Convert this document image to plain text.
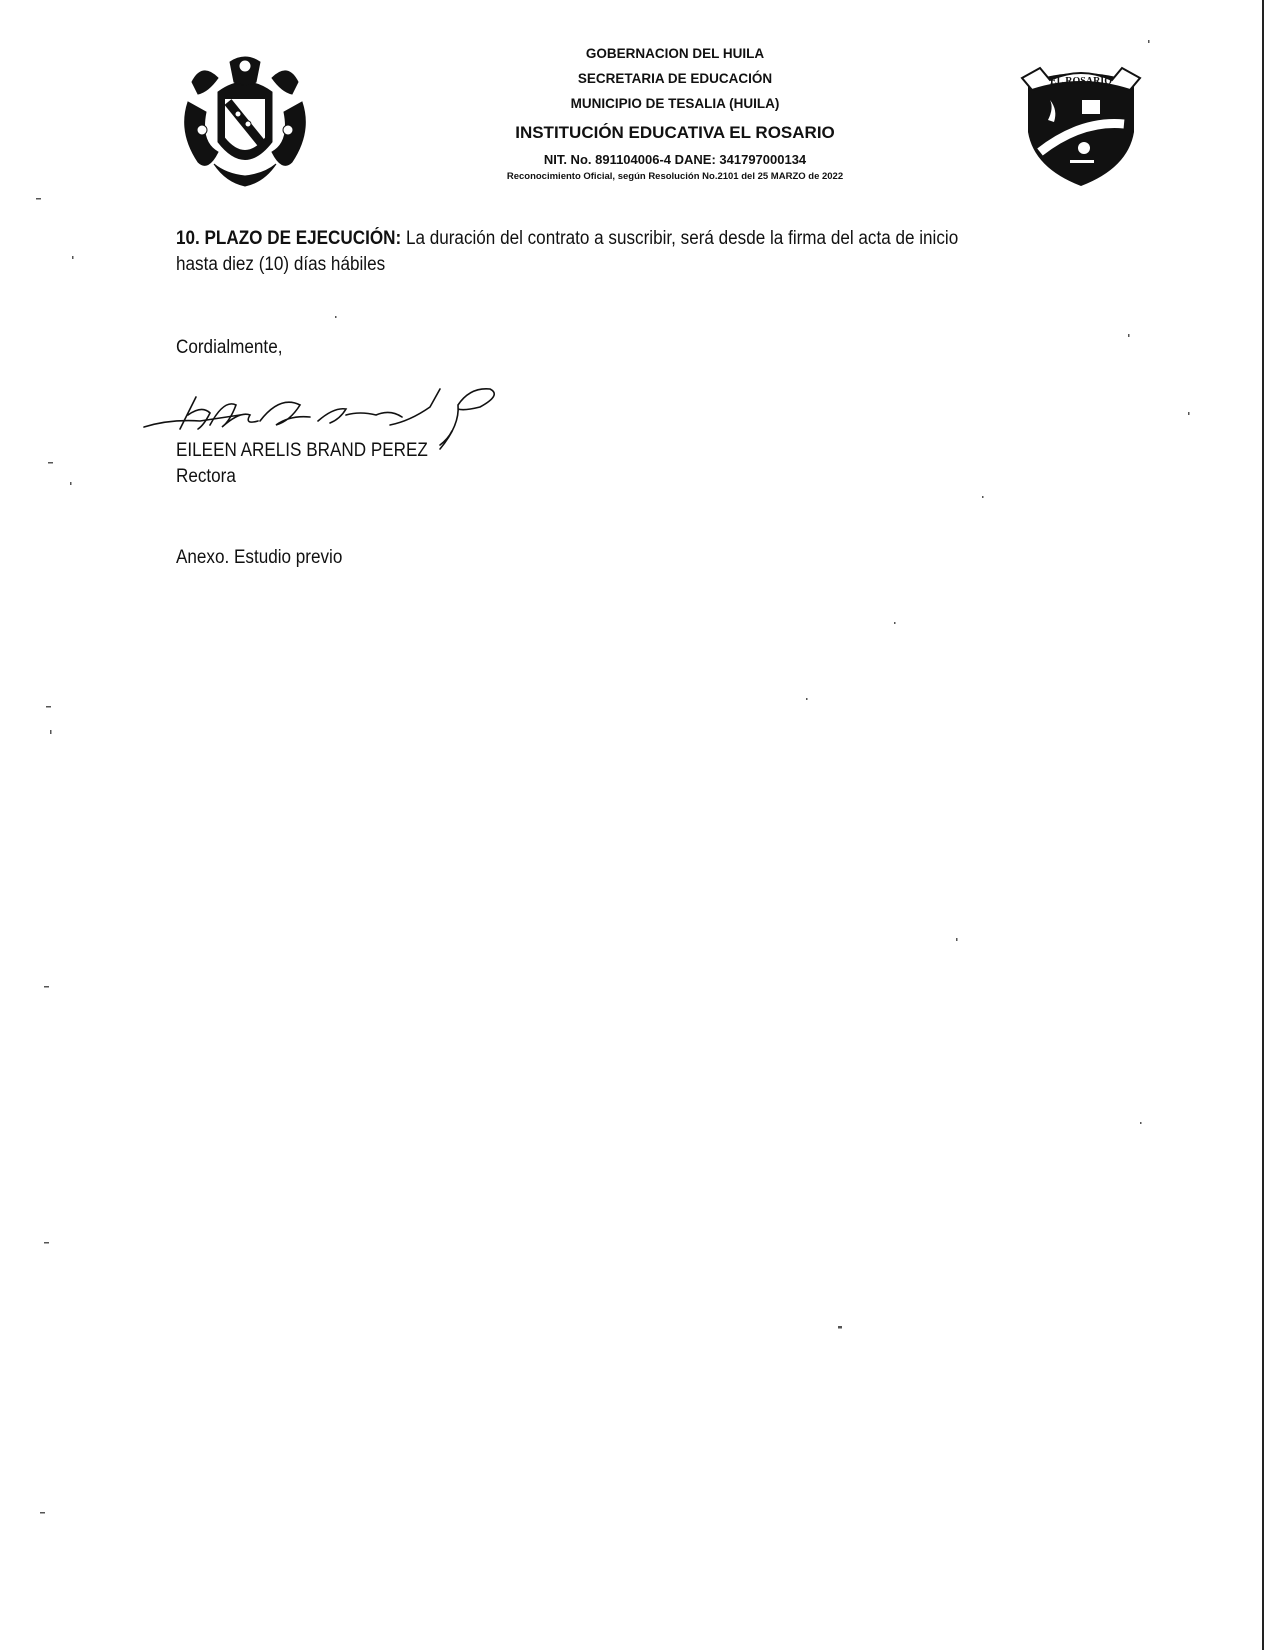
GOBERNACION DEL HUILA
SECRETARIA DE EDUCACIÓN
MUNICIPIO DE TESALIA (HUILA)
INSTITUCIÓN EDUCATIVA EL ROSARIO
NIT. No. 891104006-4 DANE: 341797000134
Reconocimiento Oficial, según Resolución No.2101 del 25 MARZO de 2022
EL ROSARIO
10. PLAZO DE EJECUCIÓN: La duración del contrato a suscribir, será desde la firma del acta de inicio hasta diez (10) días hábiles
Cordialmente,
EILEEN ARELIS BRAND PEREZ
Rectora
Anexo. Estudio previo
